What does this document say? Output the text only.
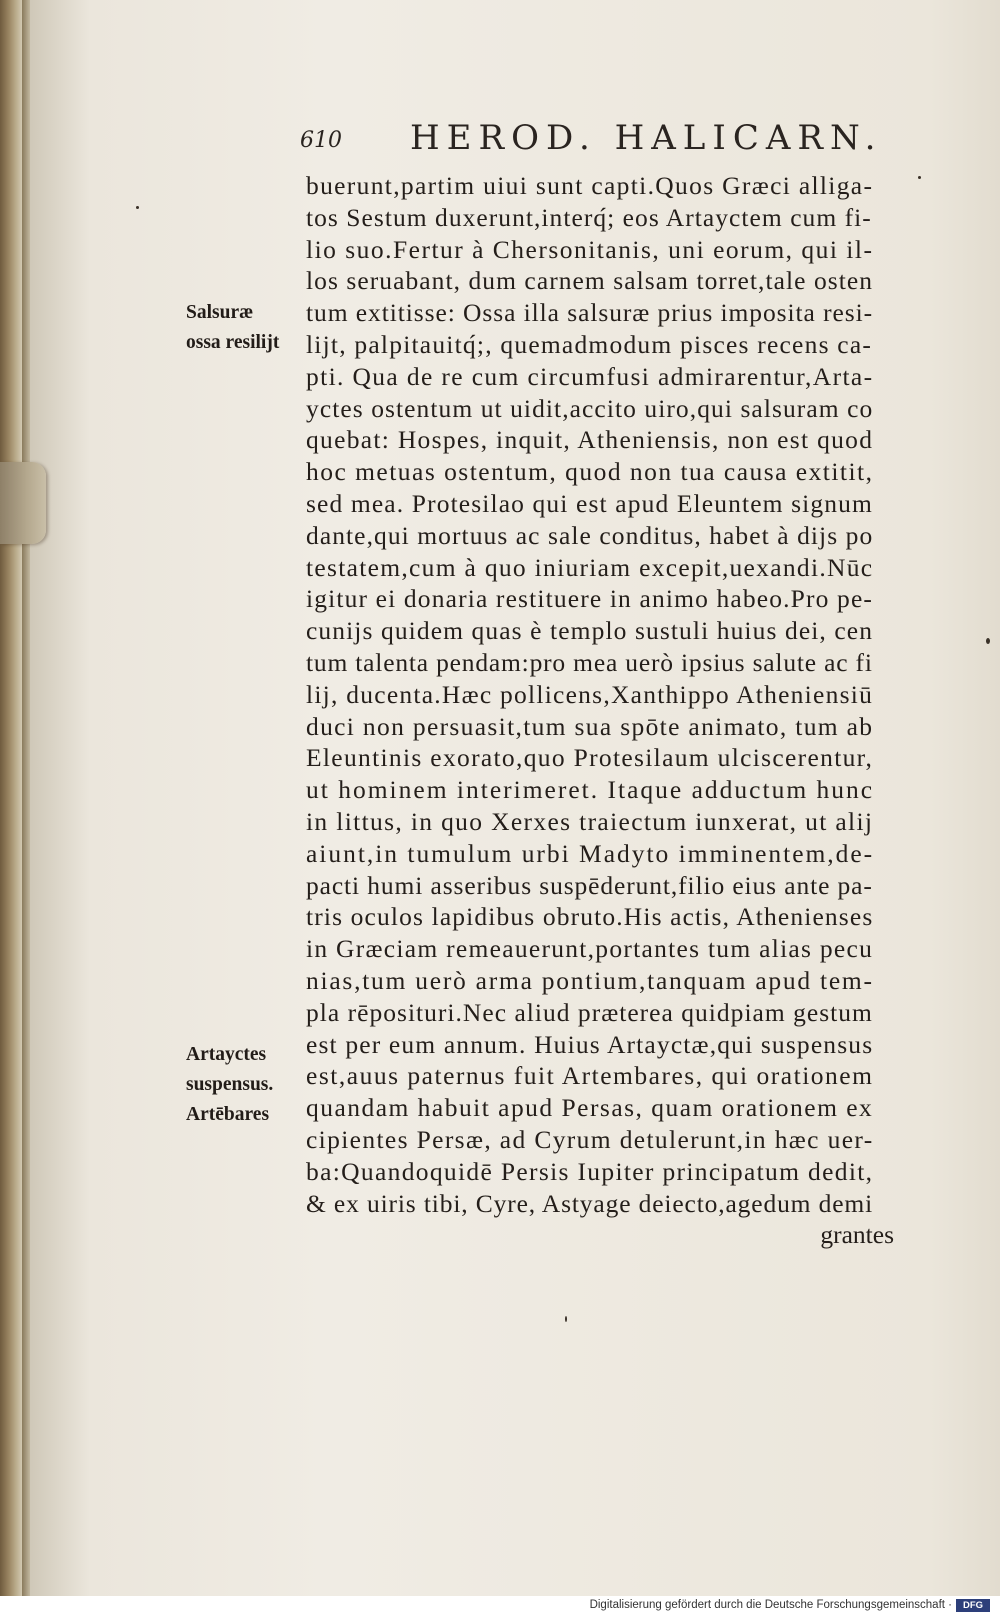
610 HEROD. HALICARN.
Salsuræ
ossa resilijt
Artayctes
suspensus.
Artēbares
buerunt,partim uiui sunt capti.Quos Græci alliga-
tos Sestum duxerunt,interq́; eos Artayctem cum fi-
lio suo.Fertur à Chersonitanis, uni eorum, qui il-
los seruabant, dum carnem salsam torret,tale osten
tum extitisse: Ossa illa salsuræ prius imposita resi-
lijt, palpitauitq́;, quemadmodum pisces recens ca-
pti. Qua de re cum circumfusi admirarentur,Arta-
yctes ostentum ut uidit,accito uiro,qui salsuram co
quebat: Hospes, inquit, Atheniensis, non est quod
hoc metuas ostentum, quod non tua causa extitit,
sed mea. Protesilao qui est apud Eleuntem signum
dante,qui mortuus ac sale conditus, habet à dijs po
testatem,cum à quo iniuriam excepit,uexandi.Nūc
igitur ei donaria restituere in animo habeo.Pro pe-
cunijs quidem quas è templo sustuli huius dei, cen
tum talenta pendam:pro mea uerò ipsius salute ac fi
lij, ducenta.Hæc pollicens,Xanthippo Atheniensiū
duci non persuasit,tum sua spōte animato, tum ab
Eleuntinis exorato,quo Protesilaum ulciscerentur,
ut hominem interimeret. Itaque adductum hunc
in littus, in quo Xerxes traiectum iunxerat, ut alij
aiunt,in tumulum urbi Madyto imminentem,de-
pacti humi asseribus suspēderunt,filio eius ante pa-
tris oculos lapidibus obruto.His actis, Athenienses
in Græciam remeauerunt,portantes tum alias pecu
nias,tum uerò arma pontium,tanquam apud tem-
pla rēposituri.Nec aliud præterea quidpiam gestum
est per eum annum. Huius Artayctæ,qui suspensus
est,auus paternus fuit Artembares, qui orationem
quandam habuit apud Persas, quam orationem ex
cipientes Persæ, ad Cyrum detulerunt,in hæc uer-
ba:Quandoquidē Persis Iupiter principatum dedit,
& ex uiris tibi, Cyre, Astyage deiecto,agedum demi
grantes
Digitalisierung gefördert durch die Deutsche Forschungsgemeinschaft ·	DFG
